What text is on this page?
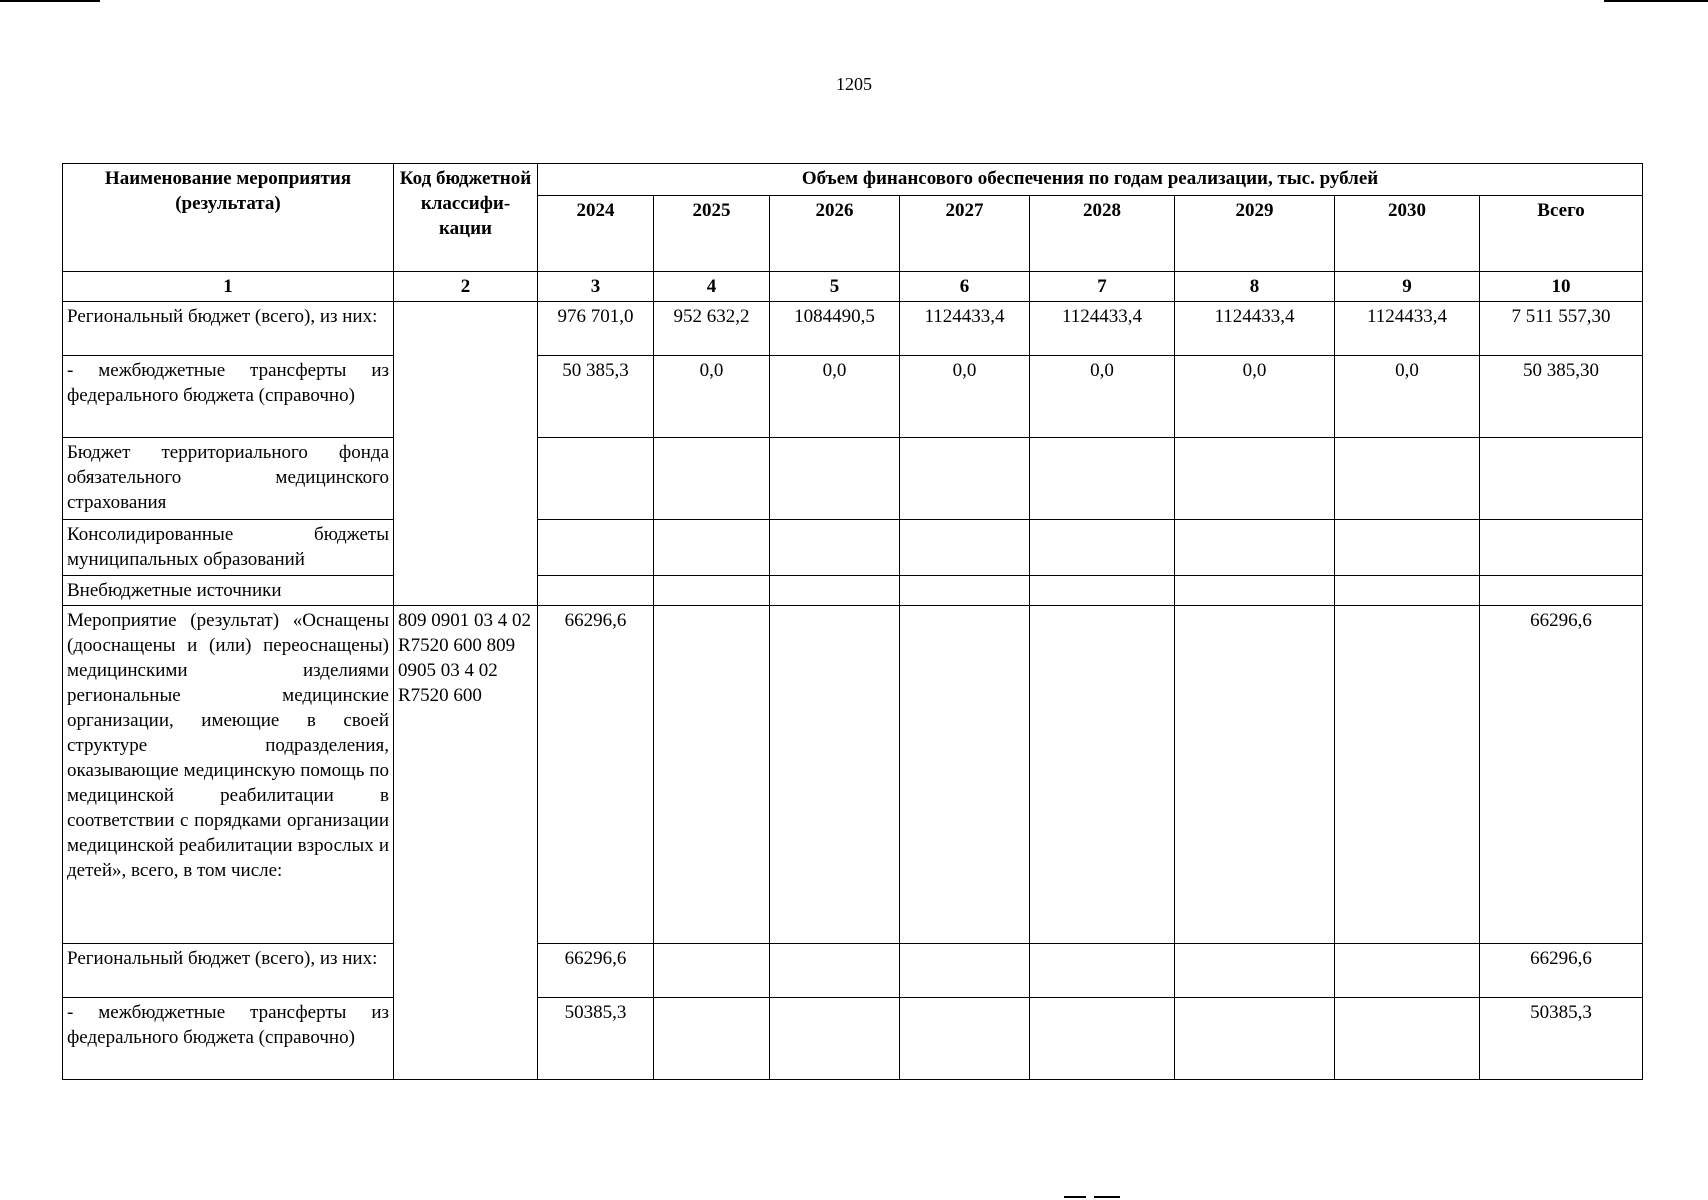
1205
Наименование мероприятия (результата)	Код бюджетной классифи-кации	Объем финансового обеспечения по годам реализации, тыс. рублей							
		2024	2025	2026	2027	2028	2029	2030	Всего
1	2	3	4	5	6	7	8	9	10
Региональный бюджет (всего), из них:		976 701,0	952 632,2	1084490,5	1124433,4	1124433,4	1124433,4	1124433,4	7 511 557,30
- межбюджетные трансферты из федерального бюджета (справочно)		50 385,3	0,0	0,0	0,0	0,0	0,0	0,0	50 385,30
Бюджет территориального фонда обязательного медицинского страхования									
Консолидированные бюджеты муниципальных образований									
Внебюджетные источники									
Мероприятие (результат) «Оснащены (дооснащены и (или) переоснащены) медицинскими изделиями региональные медицинские организации, имеющие в своей структуре подразделения, оказывающие медицинскую помощь по медицинской реабилитации в соответствии с порядками организации медицинской реабилитации взрослых и детей», всего, в том числе:	809 0901 03 4 02 R7520 600 809 0905 03 4 02 R7520 600	66296,6							66296,6
Региональный бюджет (всего), из них:		66296,6							66296,6
- межбюджетные трансферты из федерального бюджета (справочно)		50385,3							50385,3
